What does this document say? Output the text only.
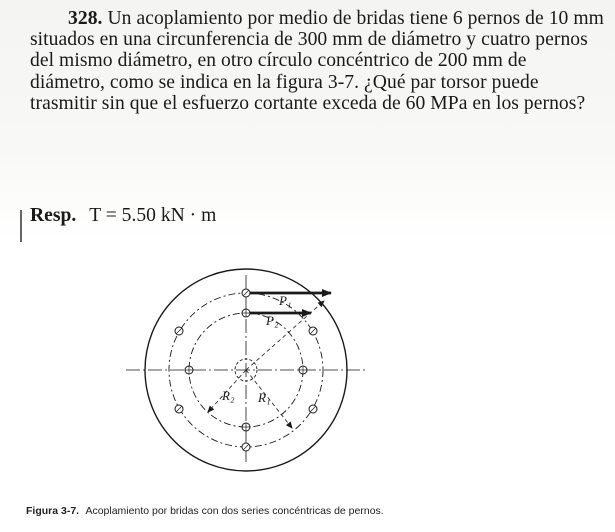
328. Un acoplamiento por medio de bridas tiene 6 pernos de 10 mm situados en una circunferencia de 300 mm de diámetro y cuatro pernos del mismo diámetro, en otro círculo concéntrico de 200 mm de diámetro, como se indica en la figura 3-7. ¿Qué par torsor puede trasmitir sin que el esfuerzo cortante exceda de 60 MPa en los pernos?
Resp. T = 5.50 kN · m
P₁
P₂
R₂ R₁
Figura 3-7. Acoplamiento por bridas con dos series concéntricas de pernos.
